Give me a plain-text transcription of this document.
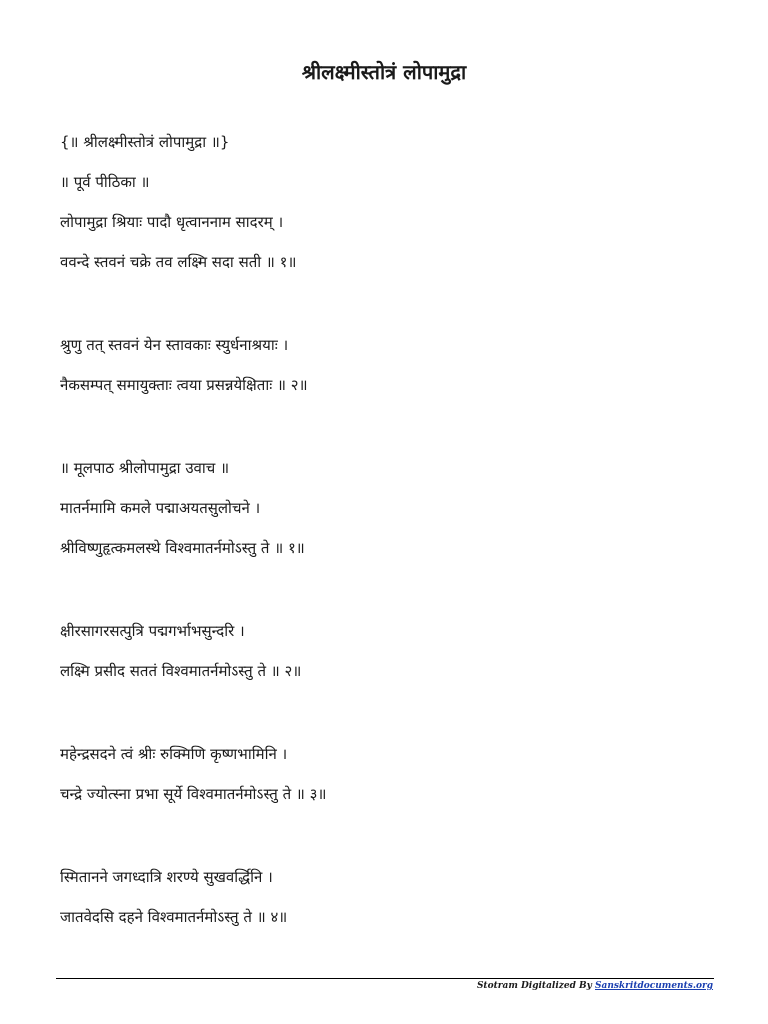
श्रीलक्ष्मीस्तोत्रं लोपामुद्रा
{॥ श्रीलक्ष्मीस्तोत्रं लोपामुद्रा ॥}
॥ पूर्व पीठिका ॥
लोपामुद्रा श्रियाः पादौ धृत्वाननाम सादरम् ।
ववन्दे स्तवनं चक्रे तव लक्ष्मि सदा सती ॥ १॥
श्रुणु तत् स्तवनं येन स्तावकाः स्युर्धनाश्रयाः ।
नैकसम्पत् समायुक्ताः त्वया प्रसन्नयेक्षिताः ॥ २॥
॥ मूलपाठ श्रीलोपामुद्रा उवाच ॥
मातर्नमामि कमले पद्माअयतसुलोचने ।
श्रीविष्णुहृत्कमलस्थे विश्वमातर्नमोऽस्तु ते ॥ १॥
क्षीरसागरसत्पुत्रि पद्मगर्भाभसुन्दरि ।
लक्ष्मि प्रसीद सततं विश्वमातर्नमोऽस्तु ते ॥ २॥
महेन्द्रसदने त्वं श्रीः रुक्मिणि कृष्णभामिनि ।
चन्द्रे ज्योत्स्ना प्रभा सूर्ये विश्वमातर्नमोऽस्तु ते ॥ ३॥
स्मितानने जगध्दात्रि शरण्ये सुखवर्द्धिनि ।
जातवेदसि दहने विश्वमातर्नमोऽस्तु ते ॥ ४॥
Stotram Digitalized By Sanskritdocuments.org
